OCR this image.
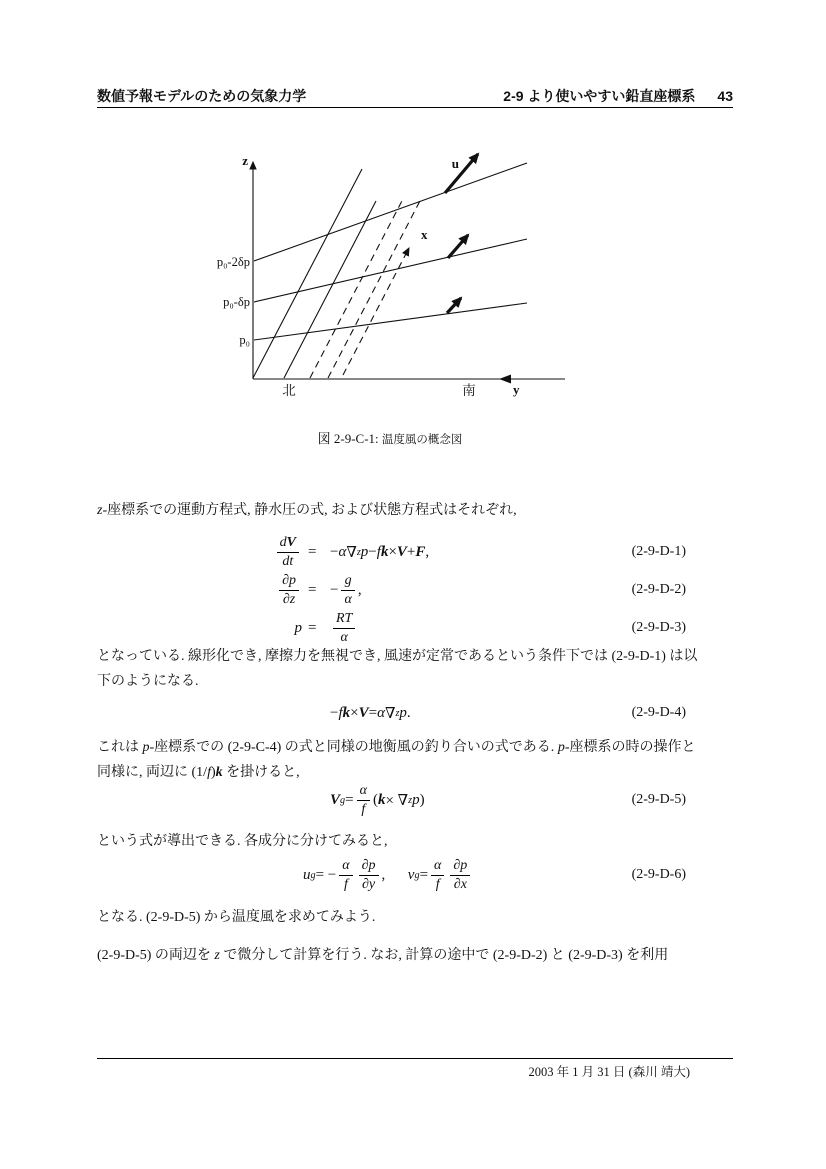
数値予報モデルのための気象力学	2-9 より使いやすい鉛直座標系 43
z
y
x
u
p₀-2δp
p₀-δp
p₀
北	南
図 2-9-C-1: 温度風の概念図

z-座標系での運動方程式, 静水圧の式, および状態方程式はそれぞれ,

$\frac{dV}{dt}$ = − α ∇ z p − f k × V + F ,	(2-9-D-1)
$\frac{\partial p}{\partial z}$ = − $\frac{g}{\alpha}$ ,	(2-9-D-2)
p =	$\frac{RT}{\alpha}$	(2-9-D-3)

となっている. 線形化でき, 摩擦力を無視でき, 風速が定常であるという条件下では (2-9-D-1) は以
下のようになる.

− f k × V = α ∇ z p .	(2-9-D-4)

これは p-座標系での (2-9-C-4) の式と同様の地衡風の釣り合いの式である. p-座標系の時の操作と
同様に, 両辺に (1/f)k を掛けると,

V $g = \frac{\alpha}{f}$ ( k × ∇ z p )	(2-9-D-5)

という式が導出できる. 各成分に分けてみると,

u g = − $\frac{\alpha}{f} \frac{\partial p}{\partial y}$ ,
   v $g = \frac{\alpha}{f} \frac{\partial p}{\partial x}$	(2-9-D-6)

となる. (2-9-D-5) から温度風を求めてみよう.

(2-9-D-5) の両辺を z で微分して計算を行う. なお, 計算の途中で (2-9-D-2) と (2-9-D-3) を利用

2003 年 1 月 31 日 (森川 靖大)
